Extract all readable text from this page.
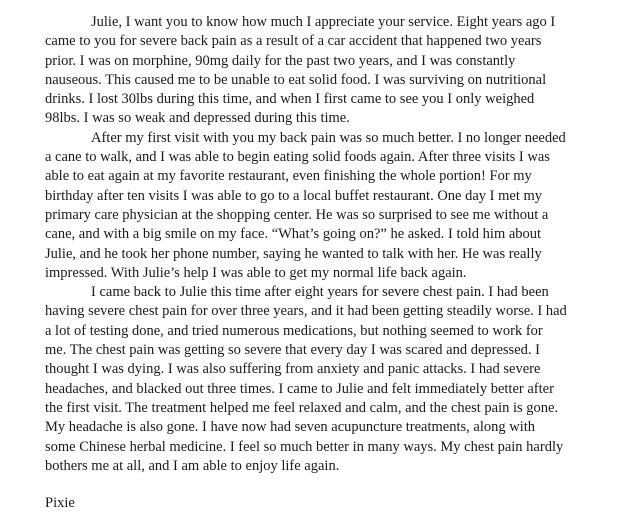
Julie, I want you to know how much I appreciate your service. Eight years ago I
came to you for severe back pain as a result of a car accident that happened two years
prior. I was on morphine, 90mg daily for the past two years, and I was constantly
nauseous. This caused me to be unable to eat solid food. I was surviving on nutritional
drinks. I lost 30lbs during this time, and when I first came to see you I only weighed
98lbs. I was so weak and depressed during this time.
After my first visit with you my back pain was so much better. I no longer needed
a cane to walk, and I was able to begin eating solid foods again. After three visits I was
able to eat again at my favorite restaurant, even finishing the whole portion! For my
birthday after ten visits I was able to go to a local buffet restaurant. One day I met my
primary care physician at the shopping center. He was so surprised to see me without a
cane, and with a big smile on my face. “What’s going on?” he asked. I told him about
Julie, and he took her phone number, saying he wanted to talk with her. He was really
impressed. With Julie’s help I was able to get my normal life back again.
I came back to Julie this time after eight years for severe chest pain. I had been
having severe chest pain for over three years, and it had been getting steadily worse. I had
a lot of testing done, and tried numerous medications, but nothing seemed to work for
me. The chest pain was getting so severe that every day I was scared and depressed. I
thought I was dying. I was also suffering from anxiety and panic attacks. I had severe
headaches, and blacked out three times. I came to Julie and felt immediately better after
the first visit. The treatment helped me feel relaxed and calm, and the chest pain is gone.
My headache is also gone. I have now had seven acupuncture treatments, along with
some Chinese herbal medicine. I feel so much better in many ways. My chest pain hardly
bothers me at all, and I am able to enjoy life again.
Pixie
